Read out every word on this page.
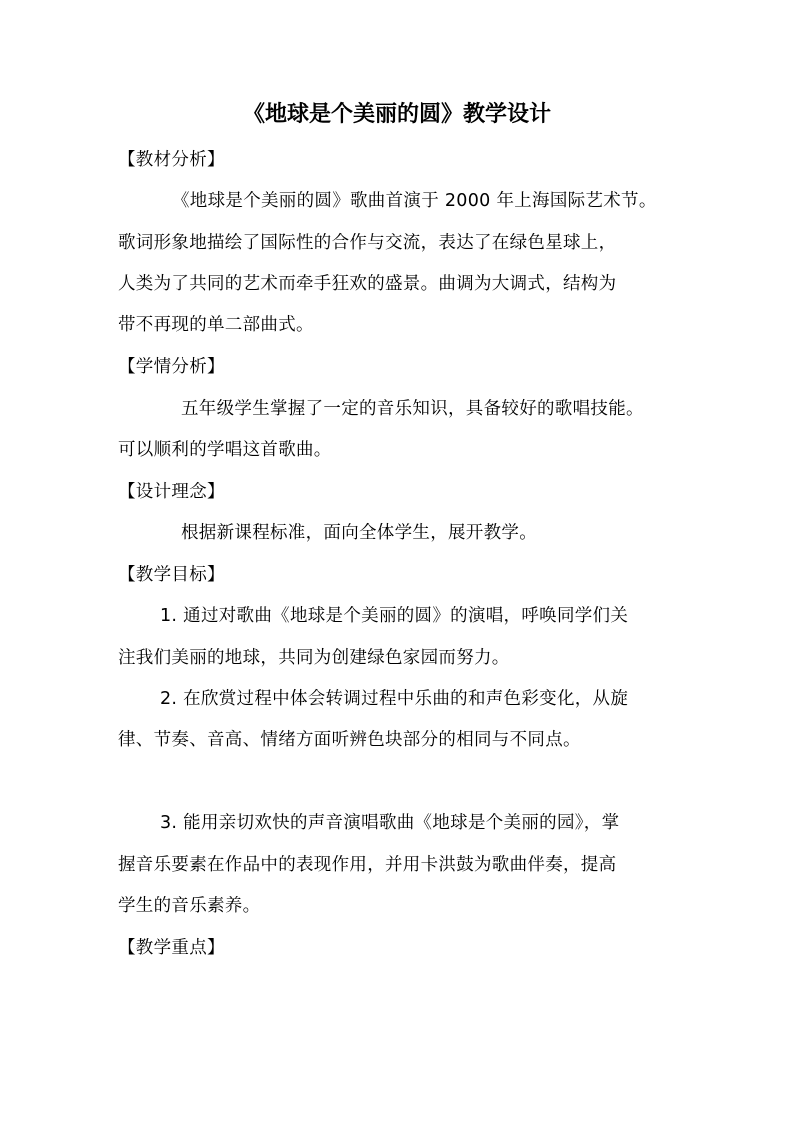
《地球是个美丽的圆》教学设计
【教材分析】
《地球是个美丽的圆》歌曲首演于 2000 年上海国际艺术节。
歌词形象地描绘了国际性的合作与交流，表达了在绿色星球上，
人类为了共同的艺术而牵手狂欢的盛景。曲调为大调式，结构为
带不再现的单二部曲式。
【学情分析】
五年级学生掌握了一定的音乐知识，具备较好的歌唱技能。
可以顺利的学唱这首歌曲。
【设计理念】
根据新课程标准，面向全体学生，展开教学。
【教学目标】
1. 通过对歌曲《地球是个美丽的圆》的演唱，呼唤同学们关
注我们美丽的地球，共同为创建绿色家园而努力。
2. 在欣赏过程中体会转调过程中乐曲的和声色彩变化，从旋
律、节奏、音高、情绪方面听辨色块部分的相同与不同点。
3. 能用亲切欢快的声音演唱歌曲《地球是个美丽的园》，掌
握音乐要素在作品中的表现作用，并用卡洪鼓为歌曲伴奏，提高
学生的音乐素养。
【教学重点】
